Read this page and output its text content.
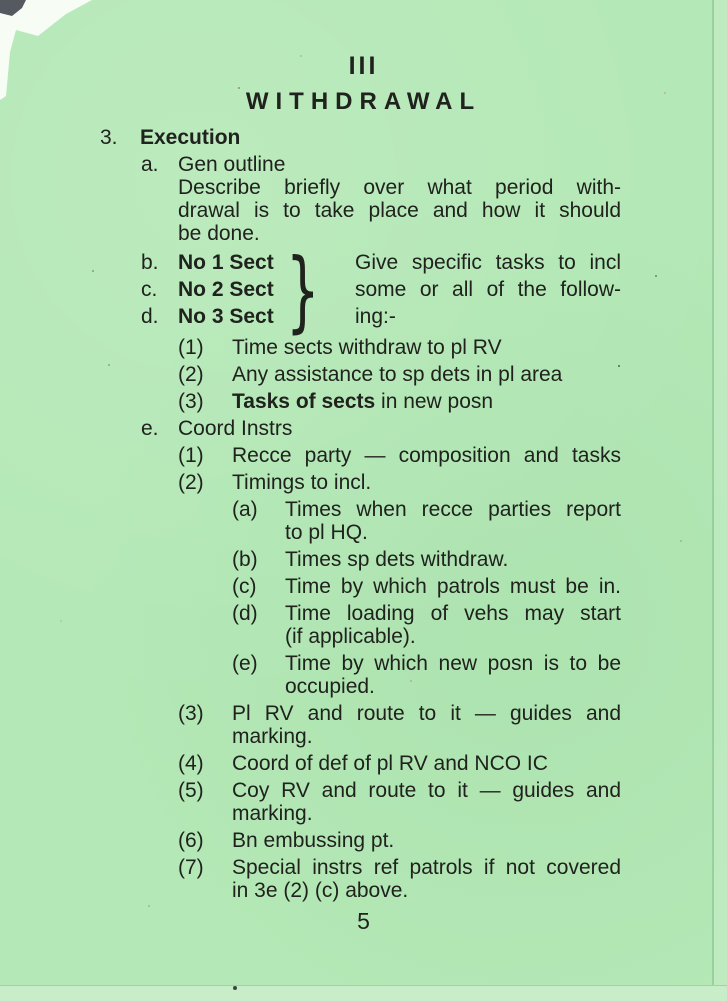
III
WITHDRAWAL
3. Execution
a. Gen outline
Describe briefly over what period with-
drawal is to take place and how it should
be done.
b. No 1 Sect
c. No 2 Sect
d. No 3 Sect } Give specific tasks to incl
some or all of the follow-
ing:-
(1) Time sects withdraw to pl RV
(2) Any assistance to sp dets in pl area
(3) Tasks of sects in new posn
e. Coord Instrs
(1) Recce party — composition and tasks
(2) Timings to incl.
(a) Times when recce parties report
to pl HQ.
(b) Times sp dets withdraw.
(c) Time by which patrols must be in.
(d) Time loading of vehs may start
(if applicable).
(e) Time by which new posn is to be
occupied.
(3) Pl RV and route to it — guides and
marking.
(4) Coord of def of pl RV and NCO IC
(5) Coy RV and route to it — guides and
marking.
(6) Bn embussing pt.
(7) Special instrs ref patrols if not covered
in 3e (2) (c) above.
5
